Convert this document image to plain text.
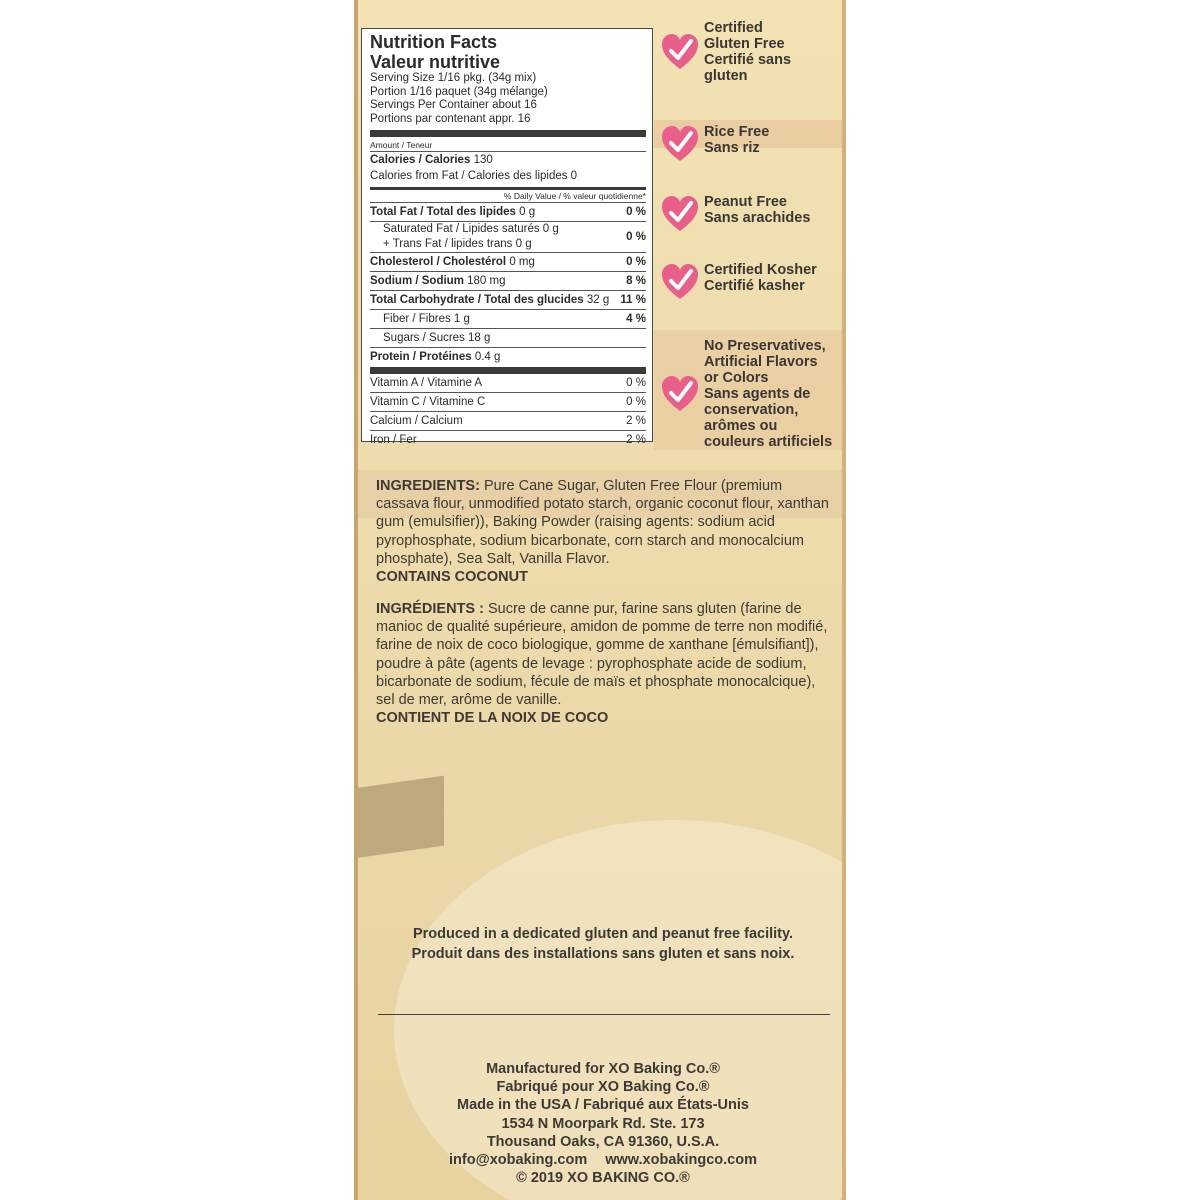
Nutrition Facts
Valeur nutritive
Serving Size 1/16 pkg. (34g mix)
Portion 1/16 paquet (34g mélange)
Servings Per Container about 16
Portions par contenant appr. 16
Amount / Teneur
Calories / Calories 130
Calories from Fat / Calories des lipides 0
% Daily Value / % valeur quotidienne*
Total Fat / Total des lipides 0 g	0 %
Saturated Fat / Lipides saturés 0 g
+ Trans Fat / lipides trans 0 g
0 %
Cholesterol / Cholestérol 0 mg	0 %
Sodium / Sodium 180 mg	8 %
Total Carbohydrate / Total des glucides 32 g 11 %
Fiber / Fibres 1 g	4 %
Sugars / Sucres 18 g
Protein / Protéines 0.4 g
Vitamin A / Vitamine A	0 %
Vitamin C / Vitamine C	0 %
Calcium / Calcium	2 %
Iron / Fer	2 %
Certified
Gluten Free
Certifié sans
gluten
Rice Free
Sans riz
Peanut Free
Sans arachides
Certified Kosher
Certifié kasher
No Preservatives,
Artificial Flavors
or Colors
Sans agents de
conservation,
arômes ou
couleurs artificiels
INGREDIENTS: Pure Cane Sugar, Gluten Free Flour (premium cassava flour, unmodified potato starch, organic coconut flour, xanthan gum (emulsifier)), Baking Powder (raising agents: sodium acid pyrophosphate, sodium bicarbonate, corn starch and monocalcium phosphate), Sea Salt, Vanilla Flavor.
CONTAINS COCONUT
INGRÉDIENTS : Sucre de canne pur, farine sans gluten (farine de manioc de qualité supérieure, amidon de pomme de terre non modifié, farine de noix de coco biologique, gomme de xanthane [émulsifiant]), poudre à pâte (agents de levage : pyrophosphate acide de sodium, bicarbonate de sodium, fécule de maïs et phosphate monocalcique), sel de mer, arôme de vanille.
CONTIENT DE LA NOIX DE COCO
Produced in a dedicated gluten and peanut free facility.
Produit dans des installations sans gluten et sans noix.
Manufactured for XO Baking Co.®
Fabriqué pour XO Baking Co.®
Made in the USA / Fabriqué aux États-Unis
1534 N Moorpark Rd. Ste. 173
Thousand Oaks, CA 91360, U.S.A.
info@xobaking.com www.xobakingco.com
© 2019 XO BAKING CO.®
